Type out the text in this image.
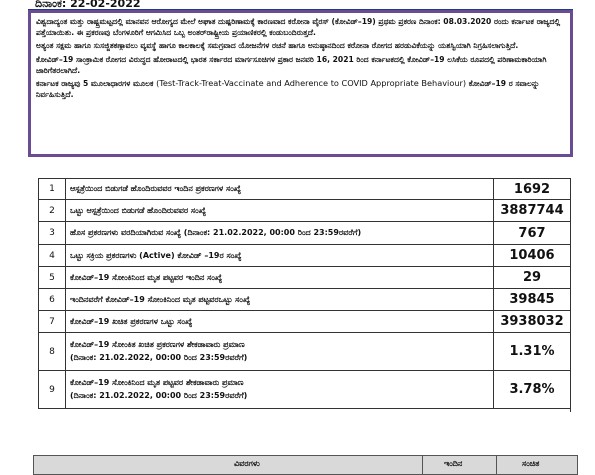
ದಿನಾಂಕ: 22-02-2022

ವಿಶ್ವದಾದ್ಯಂತ ಮತ್ತು ರಾಷ್ಟ್ರಮಟ್ಟದಲ್ಲಿ ಮಾನವನ ಆರೋಗ್ಯದ ಮೇಲೆ ಅಘಾತ ದುಷ್ಪರಿಣಾಮಕ್ಕೆ ಕಾರಣವಾದ ಕರೋನಾ ವೈರಸ್ (ಕೋವಿಡ್–19) ಪ್ರಥಮ ಪ್ರಕರಣ ದಿನಾಂಕ: 08.03.2020 ರಂದು ಕರ್ನಾಟಕ ರಾಜ್ಯದಲ್ಲಿ ಪತ್ತೆಯಾಯಿತು. ಈ ಪ್ರಕರಣವು ಬೆಂಗಳೂರಿಗೆ ಆಗಮಿಸಿದ ಒಬ್ಬ ಅಂತರ್‌ರಾಷ್ಟ್ರೀಯ ಪ್ರಯಾಣಿಕರಲ್ಲಿ ಕಂಡುಬಂದಿರುತ್ತದೆ.

ಅತ್ಯಂತ ಸಕ್ಷಮ ಹಾಗೂ ಸುಸಜ್ಜಿತಕಣ್ಗಾವಲು ವ್ಯವಸ್ಥೆ ಹಾಗೂ ಕಾಲಕಾಲಕ್ಕೆ ಸಮಗ್ರವಾದ ಯೋಜನೆಗಳ ರಚನೆ ಹಾಗೂ ಅನುಷ್ಠಾನದಿಂದ ಕರೋನಾ ರೋಗದ ಹರಡುವಿಕೆಯನ್ನು ಯಶಸ್ವಿಯಾಗಿ ನಿಗ್ರಹಿಸಲಾಗುತ್ತಿದೆ.

ಕೋವಿಡ್–19 ಸಾಂಕ್ರಾಮಿಕ ರೋಗದ ವಿರುದ್ಧದ ಹೋರಾಟದಲ್ಲಿ ಭಾರತ ಸರ್ಕಾರದ ಮಾರ್ಗಸೂಚಿಗಳ ಪ್ರಕಾರ ಜನವರಿ 16, 2021 ರಿಂದ ಕರ್ನಾಟಕದಲ್ಲಿ ಕೋವಿಡ್–19 ಲಸಿಕೆಯ ರೂಪದಲ್ಲಿ ಪರಿಣಾಮಕಾರಿಯಾಗಿ ಜಾರಿಗೆತರಲಾಗಿದೆ.

ಕರ್ನಾಟಕ ರಾಜ್ಯವು 5 ಮೂಲಾಧಾರಗಳ ಮೂಲಕ (Test-Track-Treat-Vaccinate and Adherence to COVID Appropriate Behaviour) ಕೋವಿಡ್–19 ರ ಸವಾಲನ್ನು ನಿರ್ವಹಿಸುತ್ತಿದೆ.

1	ಆಸ್ಪತ್ರೆಯಿಂದ ಬಿಡುಗಡೆ ಹೊಂದಿರುವವರ ಇಂದಿನ ಪ್ರಕರಣಗಳ ಸಂಖ್ಯೆ	1692
2	ಒಟ್ಟು ಆಸ್ಪತ್ರೆಯಿಂದ ಬಿಡುಗಡೆ ಹೊಂದಿರುವವರ ಸಂಖ್ಯೆ	3887744
3	ಹೊಸ ಪ್ರಕರಣಗಳು ವರದಿಯಾಗಿರುವ ಸಂಖ್ಯೆ (ದಿನಾಂಕ: 21.02.2022, 00:00 ರಿಂದ 23:59ರವರೆಗೆ)	767
4	ಒಟ್ಟು ಸಕ್ರಿಯ ಪ್ರಕರಣಗಳು (Active) ಕೋವಿಡ್ –19ರ ಸಂಖ್ಯೆ	10406
5	ಕೋವಿಡ್–19 ಸೋಂಕಿನಿಂದ ಮೃತ ಪಟ್ಟವರ ಇಂದಿನ ಸಂಖ್ಯೆ	29
6	ಇಂದಿನವರೆಗೆ ಕೋವಿಡ್–19 ಸೋಂಕಿನಿಂದ ಮೃತ ಪಟ್ಟವರಒಟ್ಟು ಸಂಖ್ಯೆ	39845
7	ಕೋವಿಡ್–19 ಖಚಿತ ಪ್ರಕರಣಗಳ ಒಟ್ಟು ಸಂಖ್ಯೆ	3938032
8	ಕೋವಿಡ್–19 ಸೋಂಕಿತ ಖಚಿತ ಪ್ರಕರಣಗಳ ಶೇಕಡಾವಾರು ಪ್ರಮಾಣ
(ದಿನಾಂಕ: 21.02.2022, 00:00 ರಿಂದ 23:59ರವರೆಗೆ)	1.31%
9	ಕೋವಿಡ್–19 ಸೋಂಕಿನಿಂದ ಮೃತ ಪಟ್ಟವರ ಶೇಕಡಾವಾರು ಪ್ರಮಾಣ
(ದಿನಾಂಕ: 21.02.2022, 00:00 ರಿಂದ 23:59ರವರೆಗೆ)	3.78%
ವಿವರಗಳು	ಇಂದಿನ	ಸಂಚಿತ
